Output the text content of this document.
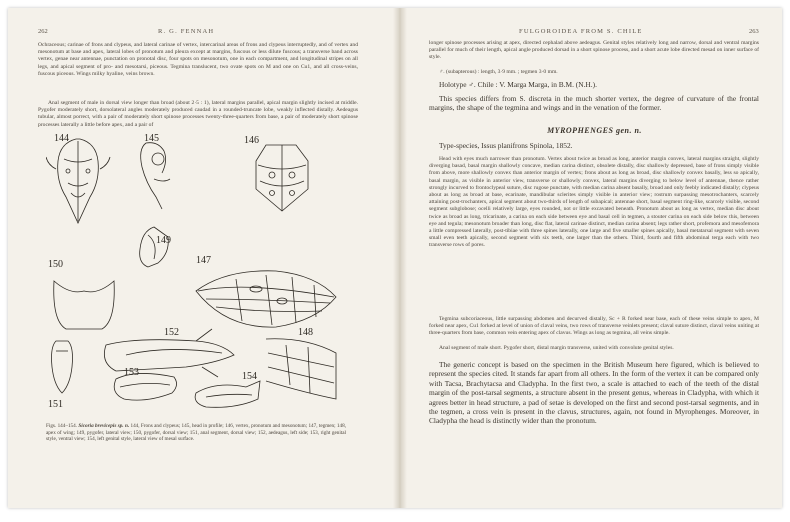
262	R. G. FENNAH

Ochraceous; carinae of frons and clypeus, and lateral carinae of vertex, intercarinal areas of frons and clypeus interruptedly, and of vertex and mesonotum at base and apex, lateral lobes of pronotum and pleura except at margins, fuscous or less dilute fuscous; a transverse band across vertex, genae near antennae, punctation on pronotal disc, four spots on mesonotum, one in each compartment, and longitudinal stripes on all legs, and apical segment of pro- and mesotarsi, piceous. Tegmina translucent, two ovate spots on M and one on Cu1, and all cross-veins, fuscous piceous. Wings milky hyaline, veins brown.

Anal segment of male in dorsal view longer than broad (about 2·5 : 1), lateral margins parallel, apical margin slightly incised at middle. Pygofer moderately short, dorsolateral angles moderately produced caudad in a rounded-truncate lobe, weakly inflected distally. Aedeagus tubular, almost porrect, with a pair of moderately short spinose processes twenty-three-quarters from base, a pair of moderately short spinose processes laterally a little before apex, and a pair of

144	145	146
147
148
149
150
151
152
153	154

Figs. 144–154. Sicoria brevicepis sp. n. 144, Frons and clypeus; 145, head in profile; 146, vertex, pronotum and mesonotum; 147, tegmen; 148, apex of wing; 149, pygofer, lateral view; 150, pygofer, dorsal view; 151, anal segment, dorsal view; 152, aedeagus, left side; 153, right genital style, ventral view; 154, left genital style, lateral view of mesal surface.

FULGOROIDEA FROM S. CHILE	263

longer spinose processes arising at apex, directed cephalad above aedeagus. Genital styles relatively long and narrow, dorsal and ventral margins parallel for much of their length, apical angle produced dorsad in a short spinose process, and a short acute lobe directed mesad on inner surface of style.

♂. (subapterous) : length, 3·9 mm. ; tegmen 3·0 mm.

Holotype ♂. Chile : V. Marga Marga, in B.M. (N.H.).

This species differs from S. discreta in the much shorter vertex, the degree of curvature of the frontal margins, the shape of the tegmina and wings and in the venation of the former.

MYROPHENGES gen. n.

Type-species, Issus planifrons Spinola, 1852.

Head with eyes much narrower than pronotum. Vertex about twice as broad as long, anterior margin convex, lateral margins straight, slightly diverging basad, basal margin shallowly concave, median carina distinct, obsolete distally, disc shallowly depressed, base of frons simply visible from above, more shallowly convex than anterior margin of vertex; frons about as long as broad, disc shallowly convex basally, less so apically, basal margin, as visible in anterior view, transverse or shallowly convex, lateral margins diverging to below level of antennae, thence rather strongly incurved to frontoclypeal suture, disc rugose punctate, with median carina absent basally, broad and only feebly indicated distally; clypeus about as long as broad at base, ecarinate, mandibular sclerites simply visible in anterior view; rostrum surpassing mesotrochanters, scarcely attaining post-trochanters, apical segment about two-thirds of length of subapical; antennae short, basal segment ring-like, scarcely visible, second segment subglobose; ocelli relatively large, eyes rounded, not or little excavated beneath. Pronotum about as long as vertex, median disc about twice as broad as long, tricarinate, a carina on each side between eye and basal cell in tegmen, a stouter carina on each side below this, between eye and tegula; mesonotum broader than long, disc flat, lateral carinae distinct, median carina absent; legs rather short, profemora and mesofemora a little compressed laterally, post-tibiae with three spines laterally, one large and five smaller spines apically, basal metatarsal segment with seven small even teeth apically, second segment with six teeth, one larger than the others. Third, fourth and fifth abdominal terga each with two transverse rows of pores.

Tegmina subcoriaceous, little surpassing abdomen and decurved distally, Sc + R forked near base, each of these veins simple to apex, M forked near apex, Cu1 forked at level of union of claval veins, two rows of transverse veinlets present; claval suture distinct, claval veins uniting at three-quarters from base, common vein entering apex of clavus. Wings as long as tegmina, all veins simple.

Anal segment of male short. Pygofer short, distal margin transverse, united with convolute genital styles.

The generic concept is based on the specimen in the British Museum here figured, which is believed to represent the species cited. It stands far apart from all others. In the form of the vertex it can be compared only with Tacsa, Brachytacsa and Cladypha. In the first two, a scale is attached to each of the teeth of the distal margin of the post-tarsal segments, a structure absent in the present genus, whereas in Cladypha, with which it agrees better in head structure, a pad of setae is developed on the first and second post-tarsal segments, and in the tegmen, a cross vein is present in the clavus, structures, again, not found in Myrophenges. Moreover, in Cladypha the head is distinctly wider than the pronotum.
